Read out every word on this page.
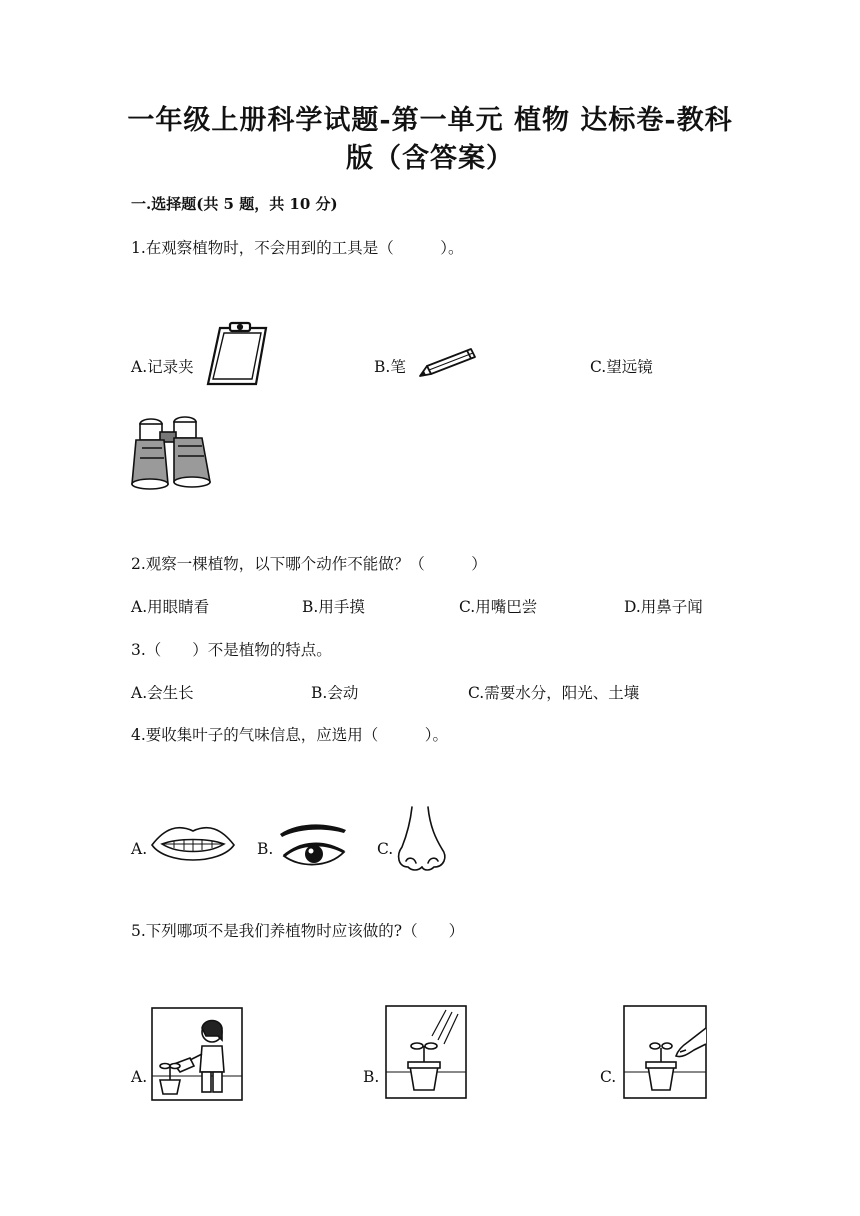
一年级上册科学试题-第一单元 植物 达标卷-教科
版（含答案）
一.选择题(共 5 题，共 10 分)
1.在观察植物时，不会用到的工具是（　　　）。
A.记录夹	B.笔	C.望远镜
2.观察一棵植物，以下哪个动作不能做？（　　　）
A.用眼睛看	B.用手摸	C.用嘴巴尝	D.用鼻子闻
3.（　　）不是植物的特点。
A.会生长	B.会动	C.需要水分，阳光、土壤
4.要收集叶子的气味信息，应选用（　　　）。
A.	B.	C.
5.下列哪项不是我们养植物时应该做的?（　　）
A.	B.	C.
